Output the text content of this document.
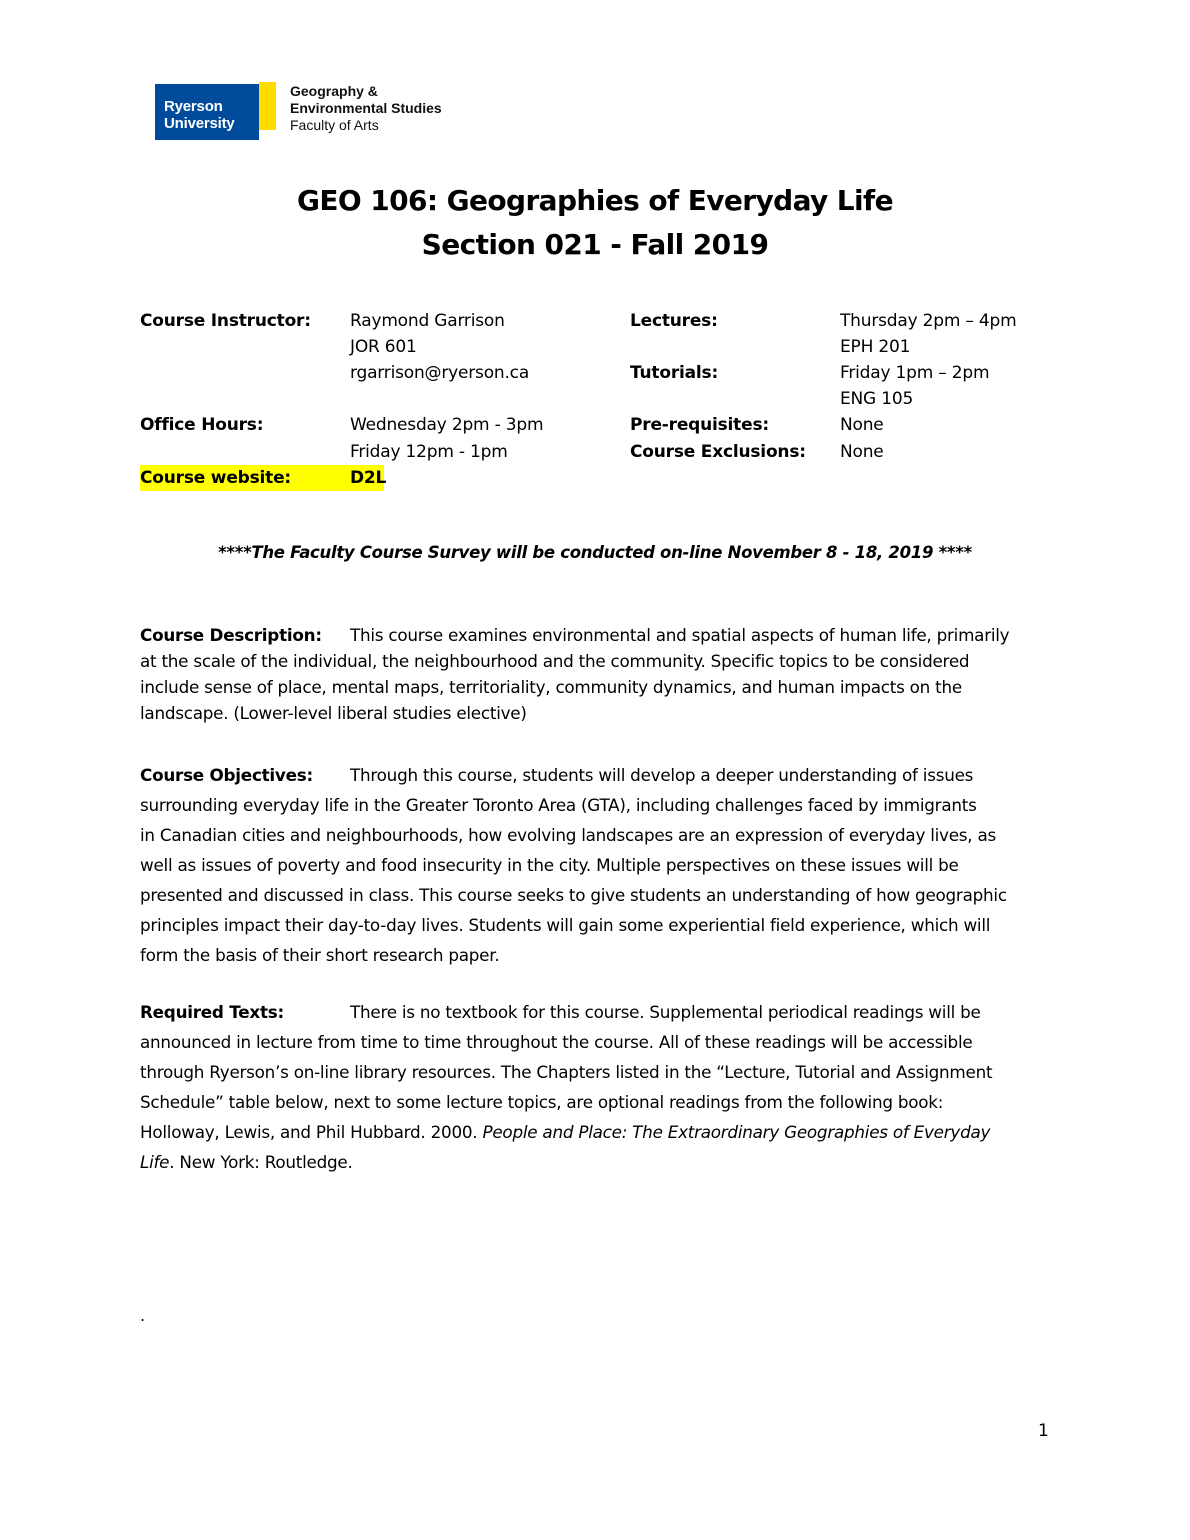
Ryerson
University
Geography &
Environmental Studies
Faculty of Arts
GEO 106: Geographies of Everyday Life
Section 021 - Fall 2019
Course Instructor:
Office Hours:
Course website:
Raymond Garrison
JOR 601
rgarrison@ryerson.ca
Wednesday 2pm - 3pm
Friday 12pm - 1pm
D2L
Lectures:
Tutorials:
Pre-requisites:
Course Exclusions:
Thursday 2pm – 4pm
EPH 201
Friday 1pm – 2pm
ENG 105
None
None
****The Faculty Course Survey will be conducted on-line November 8 - 18, 2019 ****
Course Description: This course examines environmental and spatial aspects of human life, primarily
at the scale of the individual, the neighbourhood and the community. Specific topics to be considered
include sense of place, mental maps, territoriality, community dynamics, and human impacts on the
landscape. (Lower-level liberal studies elective)
Course Objectives: Through this course, students will develop a deeper understanding of issues
surrounding everyday life in the Greater Toronto Area (GTA), including challenges faced by immigrants
in Canadian cities and neighbourhoods, how evolving landscapes are an expression of everyday lives, as
well as issues of poverty and food insecurity in the city. Multiple perspectives on these issues will be
presented and discussed in class. This course seeks to give students an understanding of how geographic
principles impact their day-to-day lives. Students will gain some experiential field experience, which will
form the basis of their short research paper.
Required Texts:	There is no textbook for this course. Supplemental periodical readings will be
announced in lecture from time to time throughout the course. All of these readings will be accessible
through Ryerson’s on-line library resources. The Chapters listed in the “Lecture, Tutorial and Assignment
Schedule” table below, next to some lecture topics, are optional readings from the following book:
Holloway, Lewis, and Phil Hubbard. 2000. People and Place: The Extraordinary Geographies of Everyday
Life. New York: Routledge.
.
1
